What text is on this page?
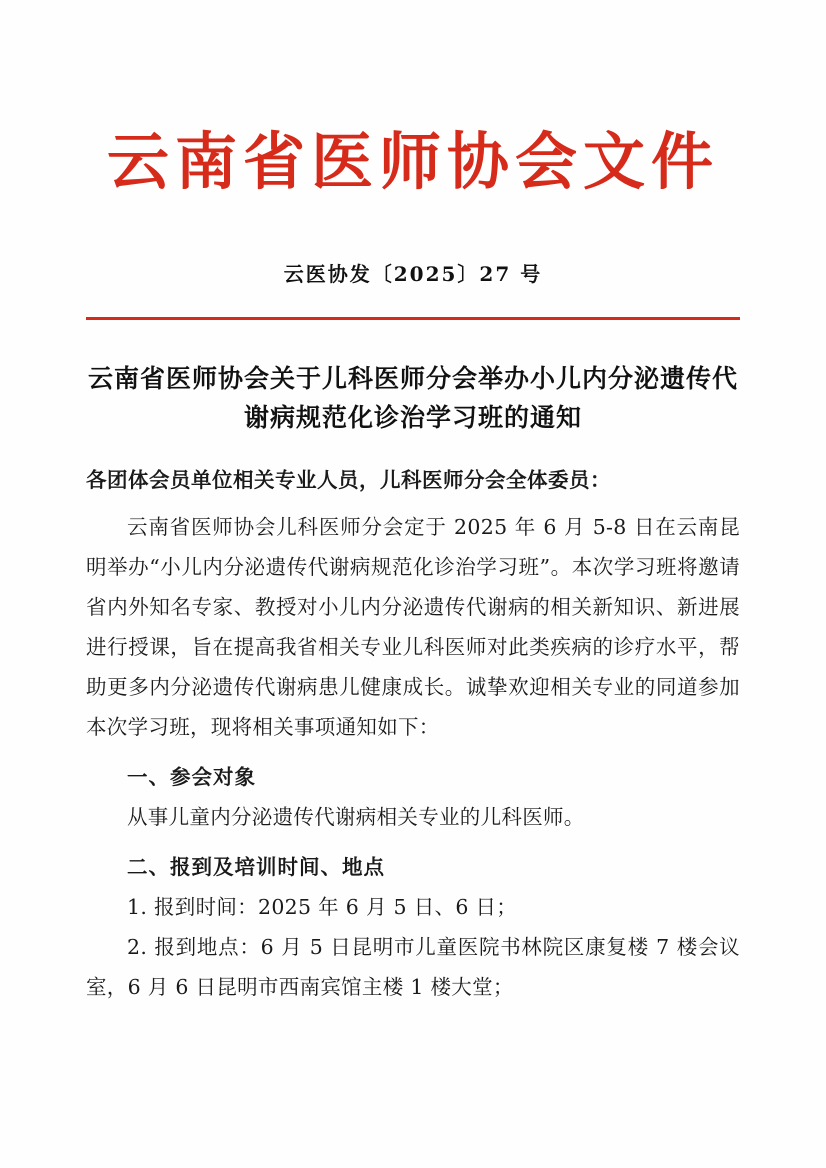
云南省医师协会文件
云医协发〔2025〕27 号
云南省医师协会关于儿科医师分会举办小儿内分泌遗传代谢病规范化诊治学习班的通知
各团体会员单位相关专业人员，儿科医师分会全体委员：
云南省医师协会儿科医师分会定于 2025 年 6 月 5-8 日在云南昆明举办“小儿内分泌遗传代谢病规范化诊治学习班”。本次学习班将邀请省内外知名专家、教授对小儿内分泌遗传代谢病的相关新知识、新进展进行授课，旨在提高我省相关专业儿科医师对此类疾病的诊疗水平，帮助更多内分泌遗传代谢病患儿健康成长。诚挚欢迎相关专业的同道参加本次学习班，现将相关事项通知如下：
一、参会对象
从事儿童内分泌遗传代谢病相关专业的儿科医师。
二、报到及培训时间、地点
1. 报到时间：2025 年 6 月 5 日、6 日；
2. 报到地点：6 月 5 日昆明市儿童医院书林院区康复楼 7 楼会议室，6 月 6 日昆明市西南宾馆主楼 1 楼大堂；
